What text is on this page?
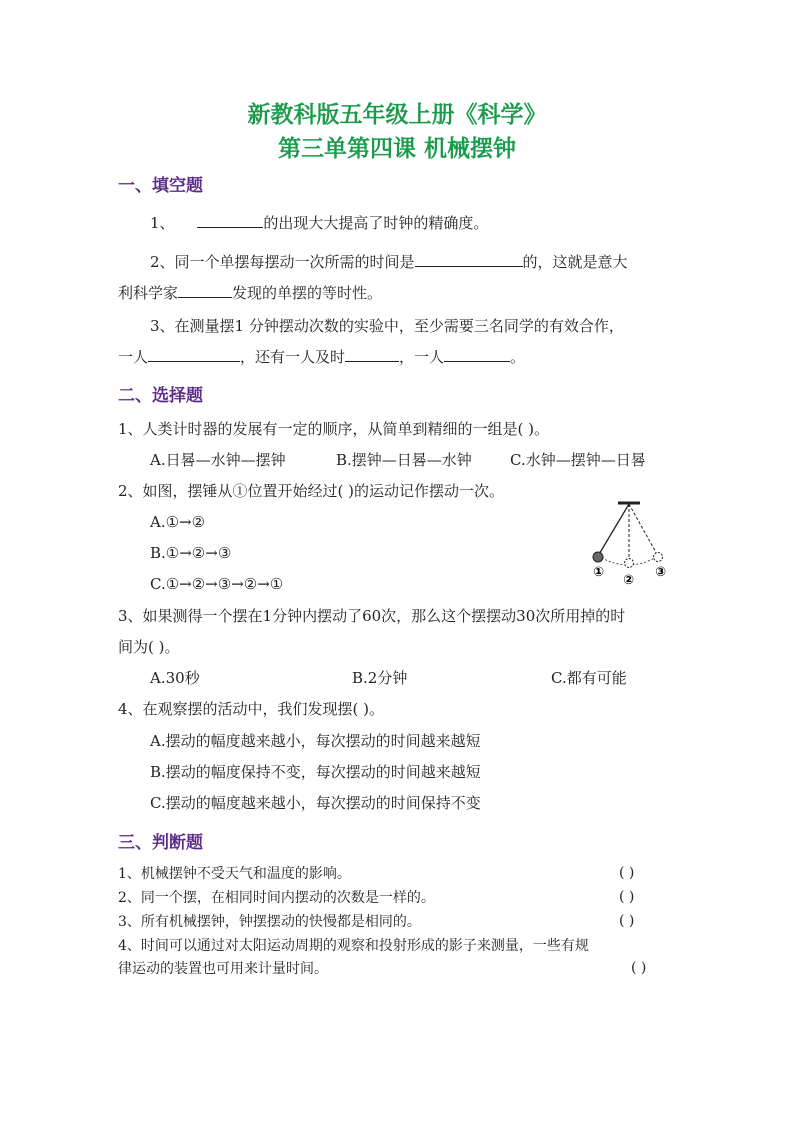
新教科版五年级上册《科学》
第三单第四课 机械摆钟
一、填空题
1、	的出现大大提高了时钟的精确度。
2、同一个单摆每摆动一次所需的时间是	的，这就是意大
利科学家	发现的单摆的等时性。
3、在测量摆1 分钟摆动次数的实验中，至少需要三名同学的有效合作，
一人	，还有一人及时	，一人	。
二、选择题
1、人类计时器的发展有一定的顺序，从简单到精细的一组是( )。
A.日晷—水钟—摆钟	B.摆钟—日晷—水钟	C.水钟—摆钟—日晷
2、如图，摆锤从①位置开始经过( )的运动记作摆动一次。
A.①→②
B.①→②→③
C.①→②→③→②→①
①
②
③
3、如果测得一个摆在1分钟内摆动了60次，那么这个摆摆动30次所用掉的时
间为( )。
A.30秒	B.2分钟	C.都有可能
4、在观察摆的活动中，我们发现摆( )。
A.摆动的幅度越来越小，每次摆动的时间越来越短
B.摆动的幅度保持不变，每次摆动的时间越来越短
C.摆动的幅度越来越小，每次摆动的时间保持不变
三、判断题
1、机械摆钟不受天气和温度的影响。	( )
2、同一个摆，在相同时间内摆动的次数是一样的。	( )
3、所有机械摆钟，钟摆摆动的快慢都是相同的。	( )
4、时间可以通过对太阳运动周期的观察和投射形成的影子来测量，一些有规
律运动的装置也可用来计量时间。	( )
